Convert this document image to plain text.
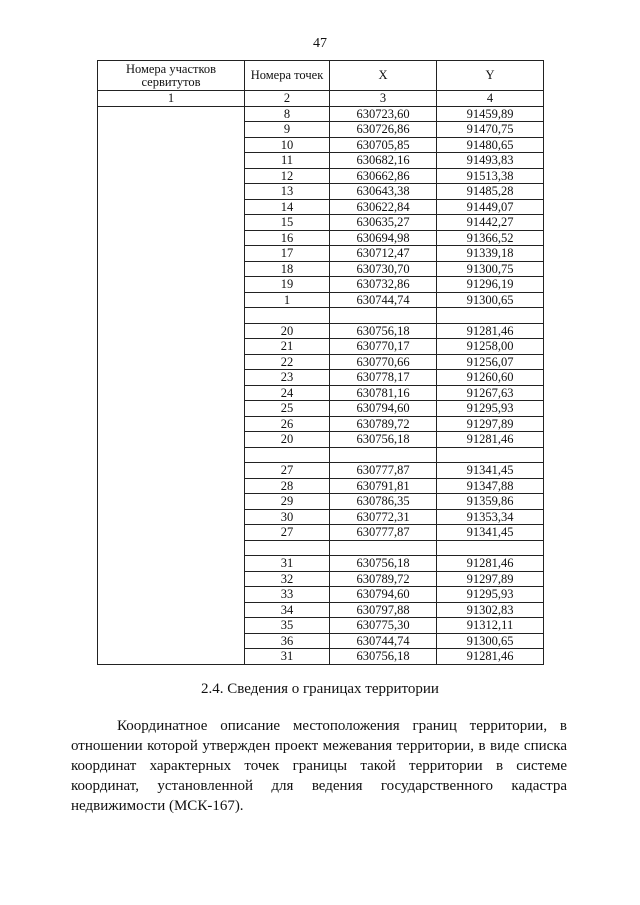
47
Номера участков сервитутов	Номера точек	X	Y
1	2	3	4
	8	630723,60	91459,89
	9	630726,86	91470,75
	10	630705,85	91480,65
	11	630682,16	91493,83
	12	630662,86	91513,38
	13	630643,38	91485,28
	14	630622,84	91449,07
	15	630635,27	91442,27
	16	630694,98	91366,52
	17	630712,47	91339,18
	18	630730,70	91300,75
	19	630732,86	91296,19
	1	630744,74	91300,65

	20	630756,18	91281,46
	21	630770,17	91258,00
	22	630770,66	91256,07
	23	630778,17	91260,60
	24	630781,16	91267,63
	25	630794,60	91295,93
	26	630789,72	91297,89
	20	630756,18	91281,46

	27	630777,87	91341,45
	28	630791,81	91347,88
	29	630786,35	91359,86
	30	630772,31	91353,34
	27	630777,87	91341,45

	31	630756,18	91281,46
	32	630789,72	91297,89
	33	630794,60	91295,93
	34	630797,88	91302,83
	35	630775,30	91312,11
	36	630744,74	91300,65
	31	630756,18	91281,46
2.4. Сведения о границах территории
Координатное описание местоположения границ территории, в отношении которой утвержден проект межевания территории, в виде списка координат характерных точек границы такой территории в системе координат, установленной для ведения государственного кадастра недвижимости (МСК-167).
